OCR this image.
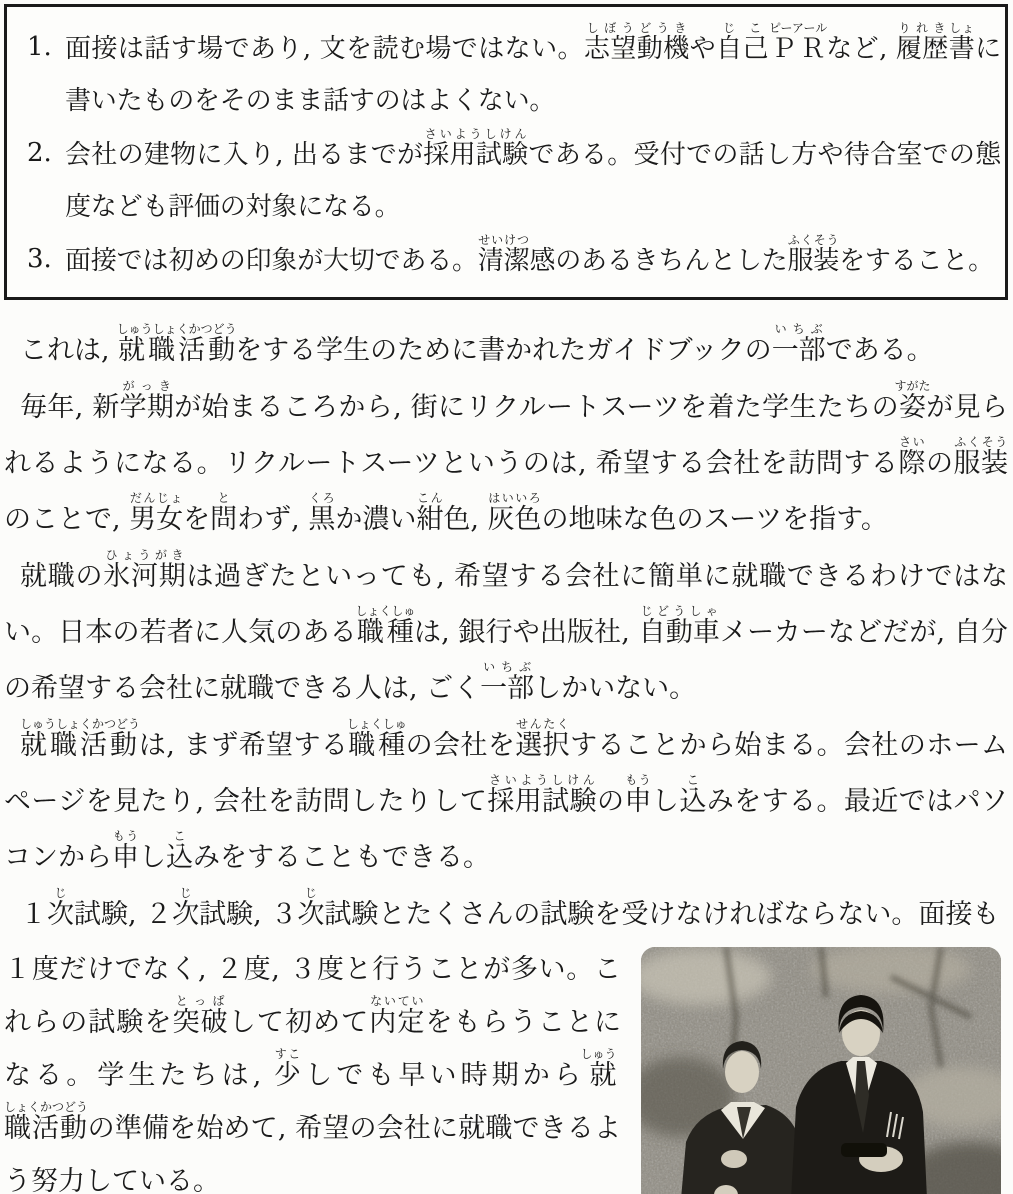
1. 面接は話す場であり, 文を読む場ではない。志望動機しぼうどうきや自己じこＰＲピーアールなど, 履歴りれき書しょに書いたものをそのまま話すのはよくない。
2. 会社の建物に入り, 出るまでが採用試験さいようしけんである。受付での話し方や待合室での態度なども評価の対象になる。
3. 面接では初めの印象が大切である。清潔せいけつ感のあるきちんとした服ふく装そうをすること。

これは, 就職活動しゅうしょくかつどうをする学生のために書かれたガイドブックの一部いちぶである。

毎年, 新学期がっきが始まるころから, 街にリクルートスーツを着た学生たちの姿すがたが見られるようになる。リクルートスーツというのは, 希望する会社を訪問する際さいの服ふく装そうのことで, 男女だんじょを問とわず, 黒くろか濃い紺こん色, 灰色はいいろの地味な色のスーツを指す。

就職の氷河期ひょうがきは過ぎたといっても, 希望する会社に簡単に就職できるわけではない。日本の若者に人気のある職種しょくしゅは, 銀行や出版社, 自動車じどうしゃメーカーなどだが, 自分の希望する会社に就職できる人は, ごく一部いちぶしかいない。

就職活動しゅうしょくかつどうは, まず希望する職種しょくしゅの会社を選択せんたくすることから始まる。会社のホームページを見たり, 会社を訪問したりして採用試験さいようしけんの申もうし込こみをする。最近ではパソコンから申もうし込こみをすることもできる。

１次じ試験, ２次じ試験, ３次じ試験とたくさんの試験を受けなければならない。面接も

１度だけでなく, ２度, ３度と行うことが多い。これらの試験を突破とっぱして初めて内定ないていをもらうことになる。学生たちは, 少すこしでも早い時期から就しゅう職活動しょくかつどうの準備を始めて, 希望の会社に就職できるよう努力している。
